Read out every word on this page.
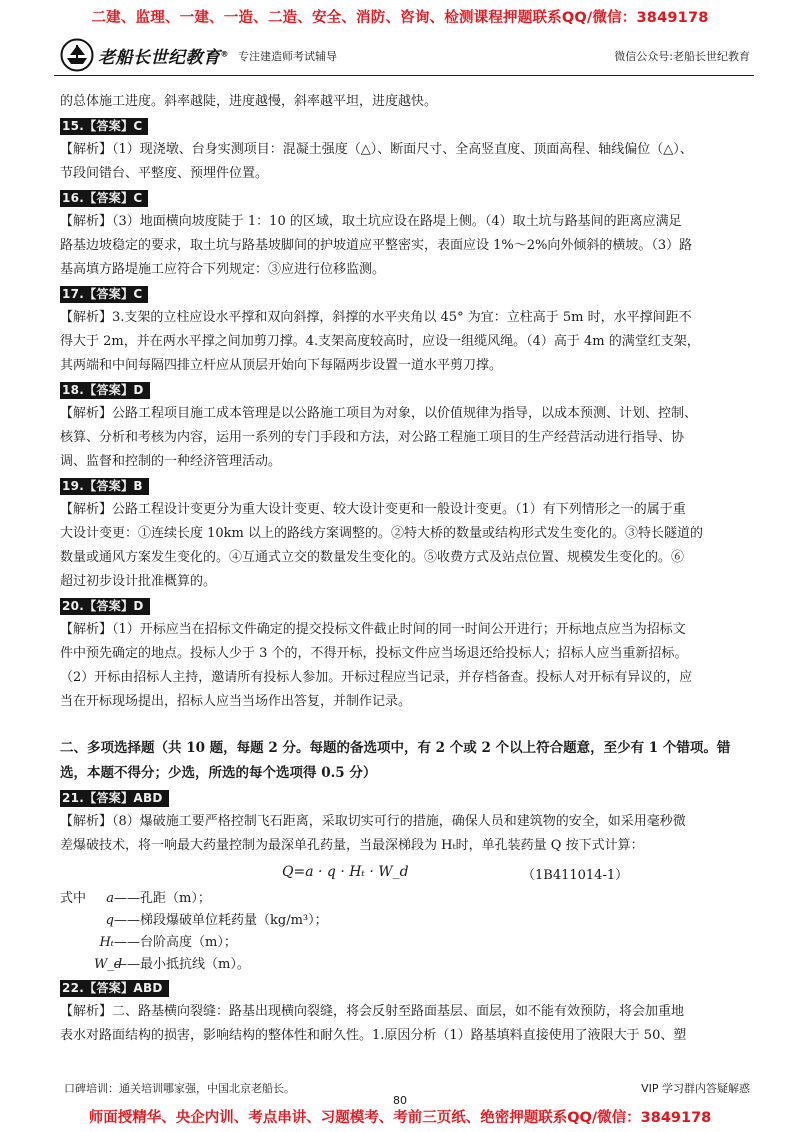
二建、监理、一建、一造、二造、安全、消防、咨询、检测课程押题联系QQ/微信：3849178
老船长世纪教育® 专注建造师考试辅导	微信公众号:老船长世纪教育
的总体施工进度。斜率越陡，进度越慢，斜率越平坦，进度越快。
15.【答案】C
【解析】（1）现浇墩、台身实测项目：混凝土强度（△）、断面尺寸、全高竖直度、顶面高程、轴线偏位（△）、
节段间错台、平整度、预埋件位置。
16.【答案】C
【解析】（3）地面横向坡度陡于 1：10 的区域，取土坑应设在路堤上侧。（4）取土坑与路基间的距离应满足
路基边坡稳定的要求，取土坑与路基坡脚间的护坡道应平整密实，表面应设 1%～2%向外倾斜的横坡。（3）路
基高填方路堤施工应符合下列规定：③应进行位移监测。
17.【答案】C
【解析】3.支架的立柱应设水平撑和双向斜撑，斜撑的水平夹角以 45° 为宜：立柱高于 5m 时，水平撑间距不
得大于 2m，并在两水平撑之间加剪刀撑。4.支架高度较高时，应设一组缆风绳。（4）高于 4m 的满堂红支架，
其两端和中间每隔四排立杆应从顶层开始向下每隔两步设置一道水平剪刀撑。
18.【答案】D
【解析】公路工程项目施工成本管理是以公路施工项目为对象，以价值规律为指导，以成本预测、计划、控制、
核算、分析和考核为内容，运用一系列的专门手段和方法，对公路工程施工项目的生产经营活动进行指导、协
调、监督和控制的一种经济管理活动。
19.【答案】B
【解析】公路工程设计变更分为重大设计变更、较大设计变更和一般设计变更。（1）有下列情形之一的属于重
大设计变更：①连续长度 10km 以上的路线方案调整的。②特大桥的数量或结构形式发生变化的。③特长隧道的
数量或通风方案发生变化的。④互通式立交的数量发生变化的。⑤收费方式及站点位置、规模发生变化的。⑥
超过初步设计批准概算的。
20.【答案】D
【解析】（1）开标应当在招标文件确定的提交投标文件截止时间的同一时间公开进行；开标地点应当为招标文
件中预先确定的地点。投标人少于 3 个的，不得开标，投标文件应当场退还给投标人；招标人应当重新招标。
（2）开标由招标人主持，邀请所有投标人参加。开标过程应当记录，并存档备查。投标人对开标有异议的，应
当在开标现场提出，招标人应当当场作出答复，并制作记录。
二、多项选择题（共 10 题，每题 2 分。每题的备选项中，有 2 个或 2 个以上符合题意，至少有 1 个错项。错
选，本题不得分；少选，所选的每个选项得 0.5 分）
21.【答案】ABD
【解析】（8）爆破施工要严格控制飞石距离，采取切实可行的措施，确保人员和建筑物的安全，如采用毫秒微
差爆破技术，将一响最大药量控制为最深单孔药量，当最深梯段为 Hₜ时，单孔装药量 Q 按下式计算：
Q=a · q · Hₜ · W_d	（1B411014-1）
式中 a——孔距（m）；
q——梯段爆破单位耗药量（kg/m³）；
Hₜ——台阶高度（m）；
W_d——最小抵抗线（m）。
22.【答案】ABD
【解析】二、路基横向裂缝：路基出现横向裂缝，将会反射至路面基层、面层，如不能有效预防，将会加重地
表水对路面结构的损害，影响结构的整体性和耐久性。1.原因分析（1）路基填料直接使用了液限大于 50、塑
口碑培训：通关培训哪家强，中国北京老船长。	VIP 学习群内答疑解惑
80
师面授精华、央企内训、考点串讲、习题模考、考前三页纸、绝密押题联系QQ/微信：3849178
